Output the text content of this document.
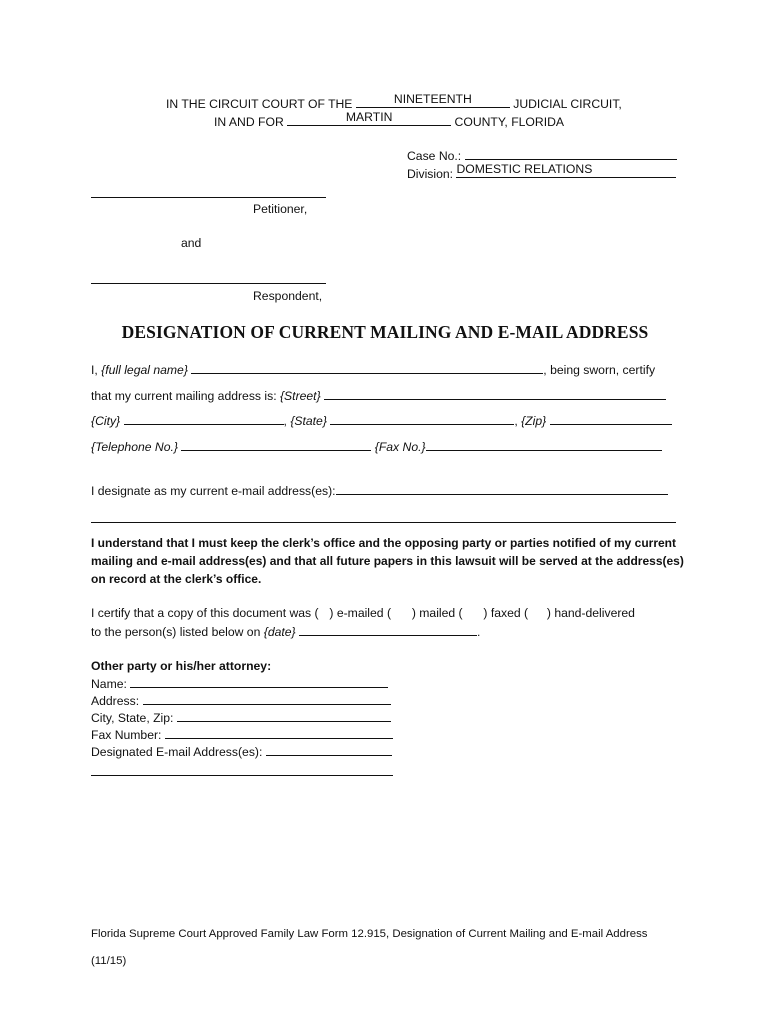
IN THE CIRCUIT COURT OF THE	NINETEENTH	JUDICIAL CIRCUIT,
IN AND FOR	MARTIN	COUNTY, FLORIDA
Case No.:
Division: DOMESTIC RELATIONS
Petitioner,
and
Respondent,
DESIGNATION OF CURRENT MAILING AND E-MAIL ADDRESS
I, {full legal name}	, being sworn, certify
that my current mailing address is: {Street}
{City}	, {State}	, {Zip}
{Telephone No.}	{Fax No.}
I designate as my current e-mail address(es):
I understand that I must keep the clerk’s office and the opposing party or parties notified of my current mailing and e-mail address(es) and that all future papers in this lawsuit will be served at the address(es) on record at the clerk’s office.
I certify that a copy of this document was ( ) e-mailed ( ) mailed ( ) faxed ( ) hand-delivered
to the person(s) listed below on {date}	.
Other party or his/her attorney:
Name:
Address:
City, State, Zip:
Fax Number:
Designated E-mail Address(es):
Florida Supreme Court Approved Family Law Form 12.915, Designation of Current Mailing and E-mail Address
(11/15)
